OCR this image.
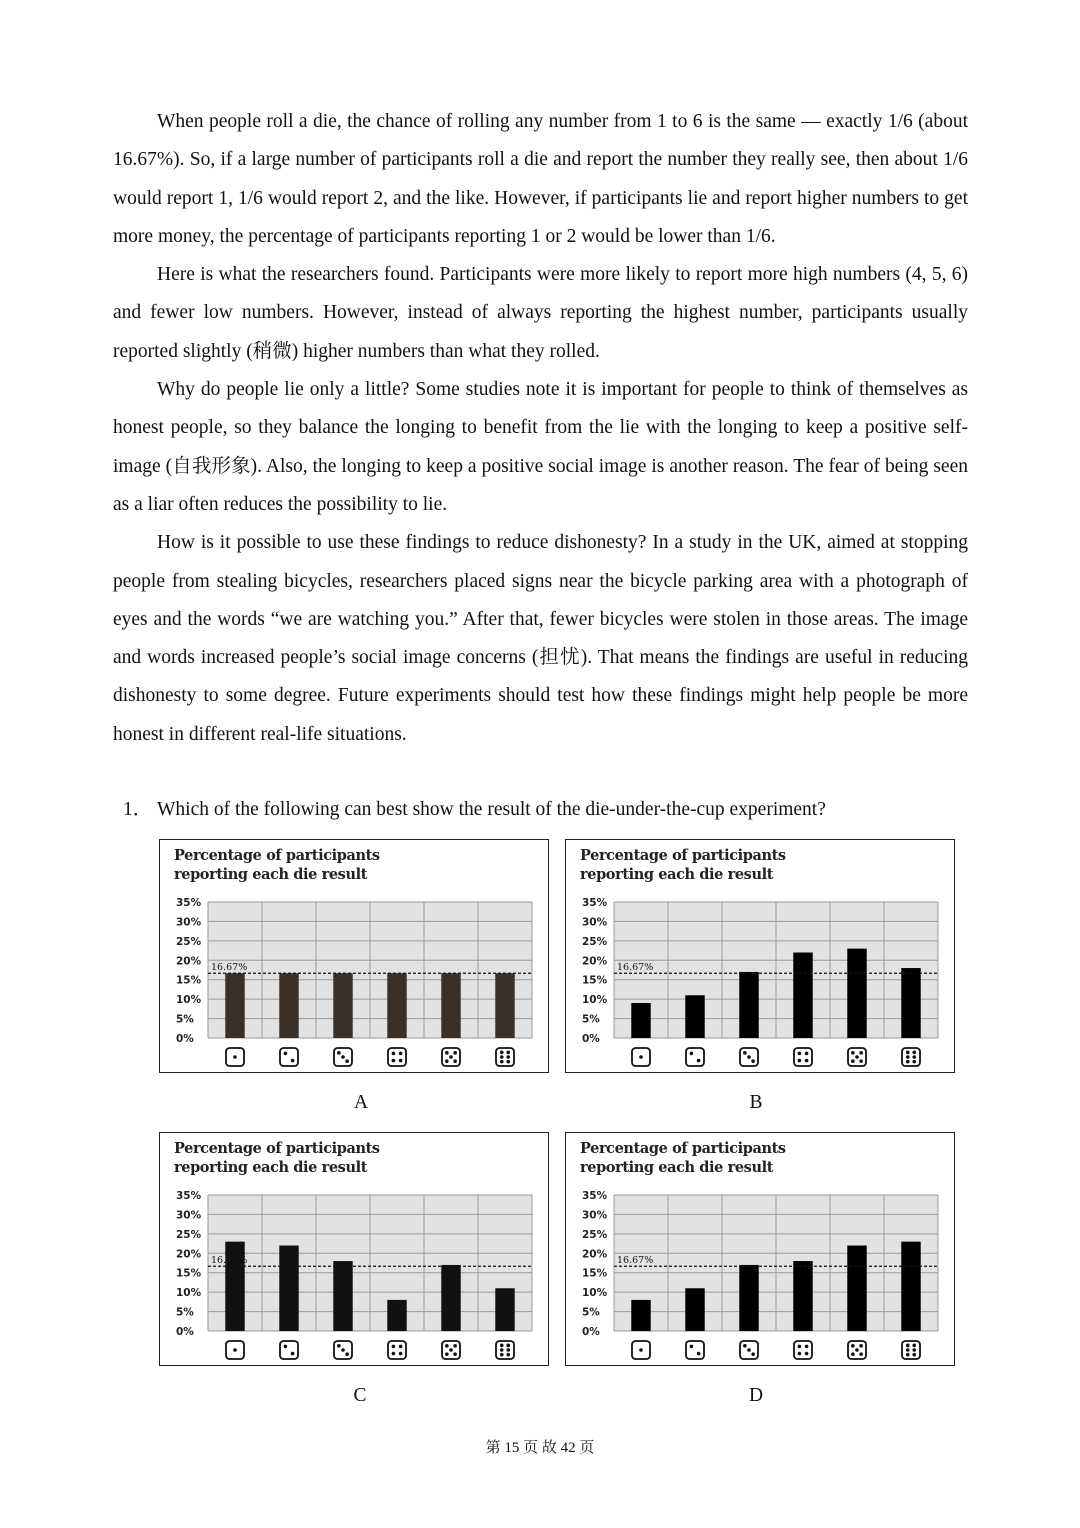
When people roll a die, the chance of rolling any number from 1 to 6 is the same — exactly 1/6 (about 16.67%). So, if a large number of participants roll a die and report the number they really see, then about 1/6 would report 1, 1/6 would report 2, and the like. However, if participants lie and report higher numbers to get more money, the percentage of participants reporting 1 or 2 would be lower than 1/6.

Here is what the researchers found. Participants were more likely to report more high numbers (4, 5, 6) and fewer low numbers. However, instead of always reporting the highest number, participants usually reported slightly (稍微) higher numbers than what they rolled.

Why do people lie only a little? Some studies note it is important for people to think of themselves as honest people, so they balance the longing to benefit from the lie with the longing to keep a positive self-image (自我形象). Also, the longing to keep a positive social image is another reason. The fear of being seen as a liar often reduces the possibility to lie.

How is it possible to use these findings to reduce dishonesty? In a study in the UK, aimed at stopping people from stealing bicycles, researchers placed signs near the bicycle parking area with a photograph of eyes and the words “we are watching you.” After that, fewer bicycles were stolen in those areas. The image and words increased people’s social image concerns (担忧). That means the findings are useful in reducing dishonesty to some degree. Future experiments should test how these findings might help people be more honest in different real-life situations.

1． Which of the following can best show the result of the die-under-the-cup experiment?
Percentage of participants
reporting each die result
0%
5%
10%
15%
20%
25%
30%
35%
16.67%
Percentage of participants
reporting each die result
0%
5%
10%
15%
20%
25%
30%
35%
16.67%
Percentage of participants
reporting each die result
0%
5%
10%
15%
20%
25%
30%
35%
16.67%
Percentage of participants
reporting each die result
0%
5%
10%
15%
20%
25%
30%
35%
16.67%
A	B
C	D
第 15 页 故 42 页
